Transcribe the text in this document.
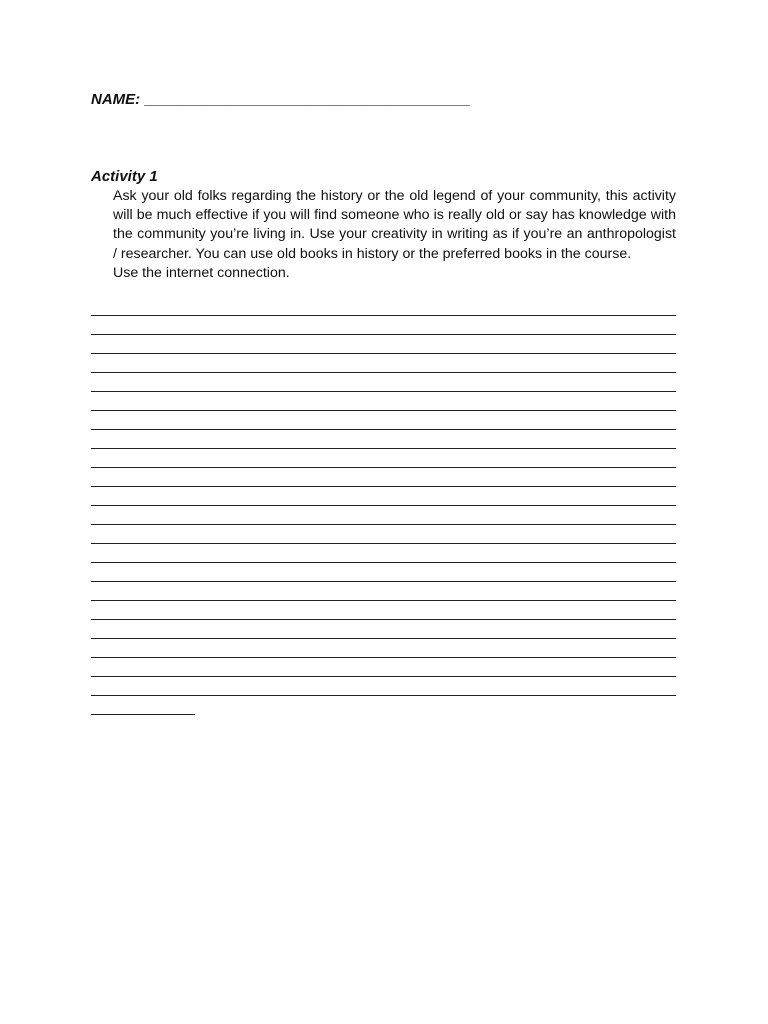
NAME: _______________________________________
Activity 1
Ask your old folks regarding the history or the old legend of your community, this activity will be much effective if you will find someone who is really old or say has knowledge with the community you’re living in. Use your creativity in writing as if you’re an anthropologist / researcher. You can use old books in history or the preferred books in the course.
Use the internet connection.
